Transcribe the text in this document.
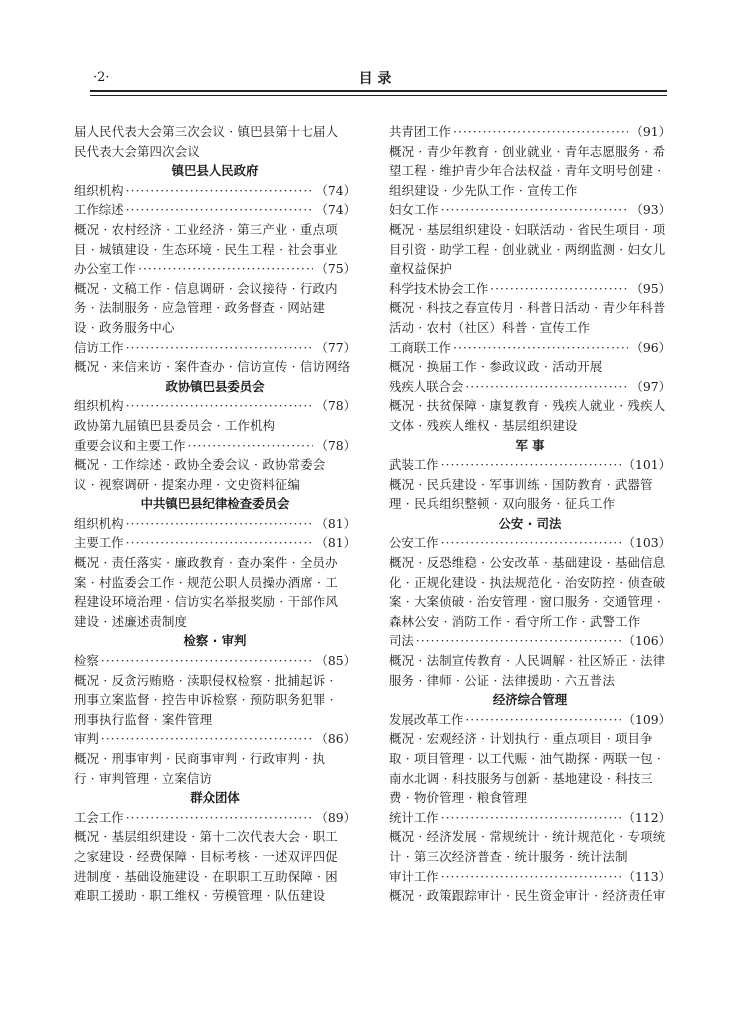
·2·	目 录
届人民代表大会第三次会议 · 镇巴县第十七届人
民代表大会第四次会议
镇巴县人民政府
组织机构 ·····	（74）
工作综述 ·····	（74）
概况 · 农村经济 · 工业经济 · 第三产业 · 重点项
目 · 城镇建设 · 生态环境 · 民生工程 · 社会事业
办公室工作 ·····	（75）
概况 · 文稿工作 · 信息调研 · 会议接待 · 行政内
务 · 法制服务 · 应急管理 · 政务督查 · 网站建
设 · 政务服务中心
信访工作 ·····	（77）
概况 · 来信来访 · 案件查办 · 信访宣传 · 信访网络
政协镇巴县委员会
组织机构 ·····	（78）
政协第九届镇巴县委员会 · 工作机构
重要会议和主要工作 ·····	（78）
概况 · 工作综述 · 政协全委会议 · 政协常委会
议 · 视察调研 · 提案办理 · 文史资料征编
中共镇巴县纪律检查委员会
组织机构 ·····	（81）
主要工作 ·····	（81）
概况 · 责任落实 · 廉政教育 · 查办案件 · 全员办
案 · 村监委会工作 · 规范公职人员操办酒席 · 工
程建设环境治理 · 信访实名举报奖励 · 干部作风
建设 · 述廉述责制度
检察 · 审判
检察 ·····	（85）
概况 · 反贪污贿赂 · 渎职侵权检察 · 批捕起诉 ·
刑事立案监督 · 控告申诉检察 · 预防职务犯罪 ·
刑事执行监督 · 案件管理
审判 ·····	（86）
概况 · 刑事审判 · 民商事审判 · 行政审判 · 执
行 · 审判管理 · 立案信访
群众团体
工会工作 ·····	（89）
概况 · 基层组织建设 · 第十二次代表大会 · 职工
之家建设 · 经费保障 · 目标考核 · 一述双评四促
进制度 · 基础设施建设 · 在职职工互助保障 · 困
难职工援助 · 职工维权 · 劳模管理 · 队伍建设
共青团工作 ·····	（91）
概况 · 青少年教育 · 创业就业 · 青年志愿服务 · 希
望工程 · 维护青少年合法权益 · 青年文明号创建 ·
组织建设 · 少先队工作 · 宣传工作
妇女工作 ·····	（93）
概况 · 基层组织建设 · 妇联活动 · 省民生项目 · 项
目引资 · 助学工程 · 创业就业 · 两纲监测 · 妇女儿
童权益保护
科学技术协会工作 ·····	（95）
概况 · 科技之春宣传月 · 科普日活动 · 青少年科普
活动 · 农村（社区）科普 · 宣传工作
工商联工作 ·····	（96）
概况 · 换届工作 · 参政议政 · 活动开展
残疾人联合会 ·····	（97）
概况 · 扶贫保障 · 康复教育 · 残疾人就业 · 残疾人
文体 · 残疾人维权 · 基层组织建设
军 事
武装工作 ·····	（101）
概况 · 民兵建设 · 军事训练 · 国防教育 · 武器管
理 · 民兵组织整顿 · 双向服务 · 征兵工作
公安 · 司法
公安工作 ·····	（103）
概况 · 反恐维稳 · 公安改革 · 基础建设 · 基础信息
化 · 正规化建设 · 执法规范化 · 治安防控 · 侦查破
案 · 大案侦破 · 治安管理 · 窗口服务 · 交通管理 ·
森林公安 · 消防工作 · 看守所工作 · 武警工作
司法 ·····	（106）
概况 · 法制宣传教育 · 人民调解 · 社区矫正 · 法律
服务 · 律师 · 公证 · 法律援助 · 六五普法
经济综合管理
发展改革工作 ·····	（109）
概况 · 宏观经济 · 计划执行 · 重点项目 · 项目争
取 · 项目管理 · 以工代赈 · 油气勘探 · 两联一包 ·
南水北调 · 科技服务与创新 · 基地建设 · 科技三
费 · 物价管理 · 粮食管理
统计工作 ·····	（112）
概况 · 经济发展 · 常规统计 · 统计规范化 · 专项统
计 · 第三次经济普查 · 统计服务 · 统计法制
审计工作 ·····	（113）
概况 · 政策跟踪审计 · 民生资金审计 · 经济责任审
